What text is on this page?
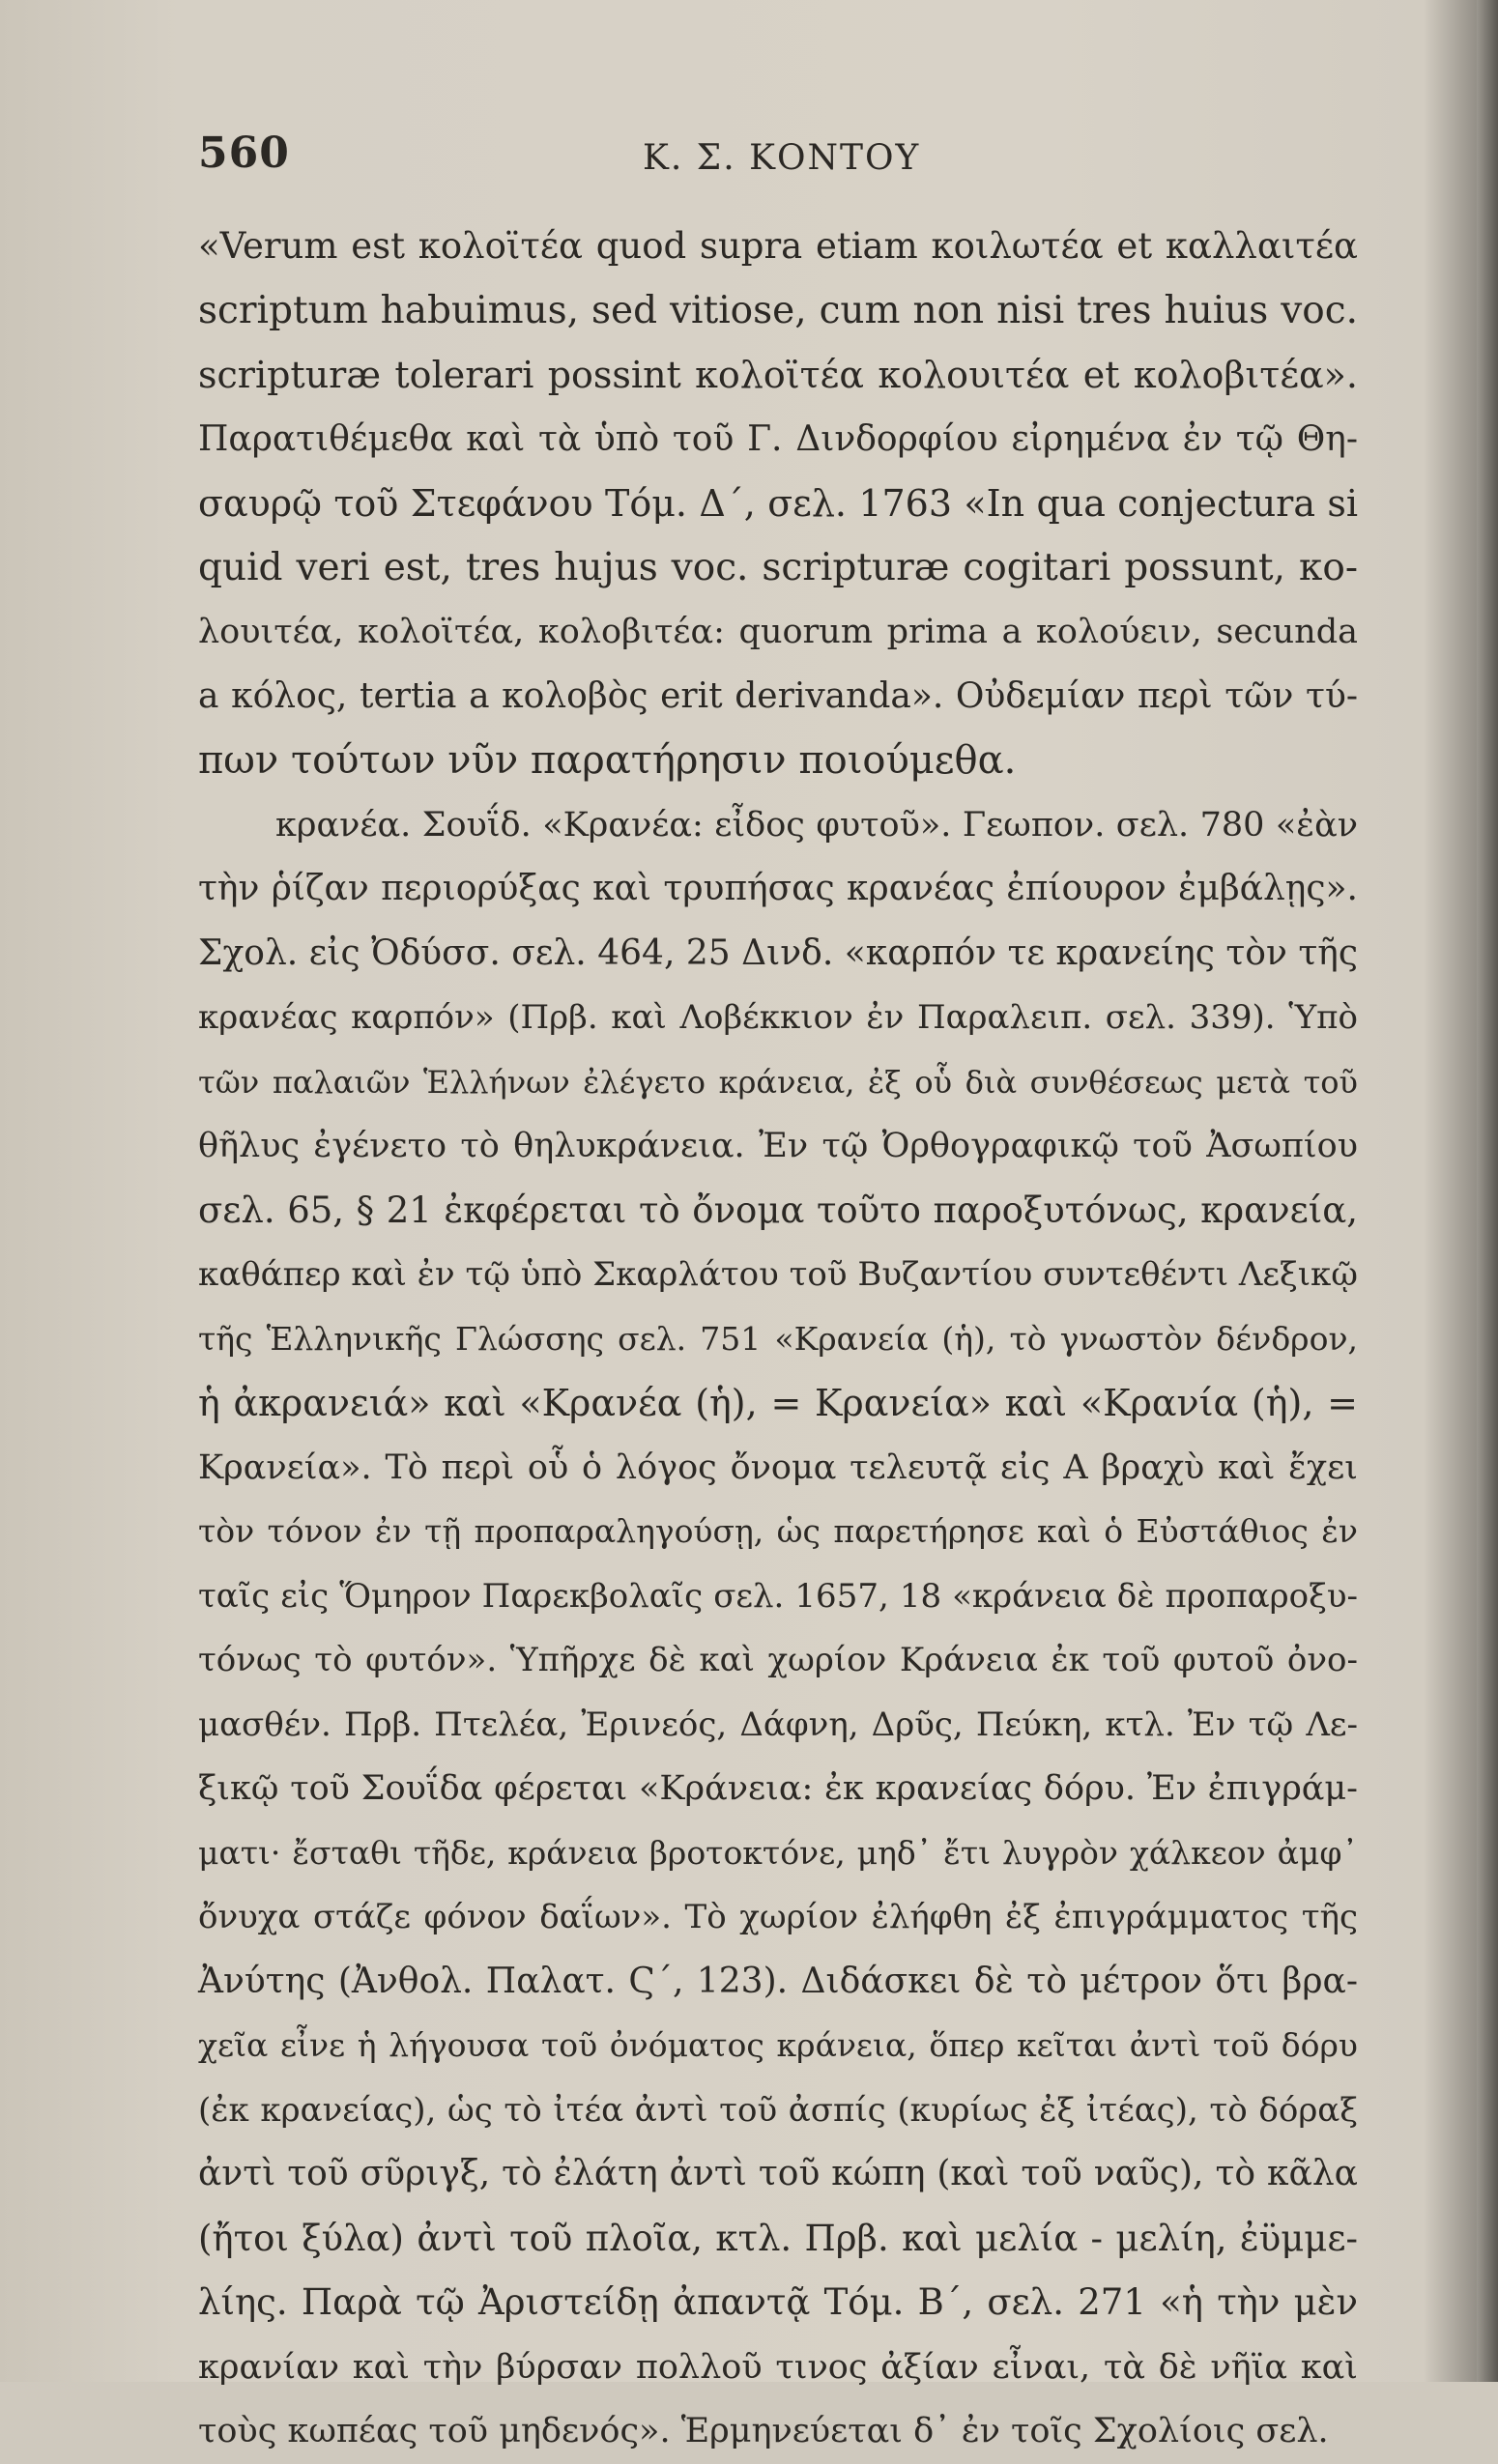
560	Κ. Σ. ΚΟΝΤΟΥ
«Verum est κολοϊτέα quod supra etiam κοιλωτέα et καλλαιτέα
scriptum habuimus, sed vitiose, cum non nisi tres huius voc.
scripturæ tolerari possint κολοϊτέα κολουιτέα et κολοβιτέα».
Παρατιθέμεθα καὶ τὰ ὑπὸ τοῦ Γ. Δινδορφίου εἰρημένα ἐν τῷ Θη-
σαυρῷ τοῦ Στεφάνου Τόμ. Δ΄, σελ. 1763 «In qua conjectura si
quid veri est, tres hujus voc. scripturæ cogitari possunt, κο-
λουιτέα, κολοϊτέα, κολοβιτέα: quorum prima a κολούειν, secunda
a κόλος, tertia a κολοβὸς erit derivanda». Οὐδεμίαν περὶ τῶν τύ-
πων τούτων νῦν παρατήρησιν ποιούμεθα.
κρανέα. Σουΐδ. «Κρανέα: εἶδος φυτοῦ». Γεωπον. σελ. 780 «ἐὰν
τὴν ῥίζαν περιορύξας καὶ τρυπήσας κρανέας ἐπίουρον ἐμβάλῃς».
Σχολ. εἰς Ὀδύσσ. σελ. 464, 25 Δινδ. «καρπόν τε κρανείης τὸν τῆς
κρανέας καρπόν» (Πρβ. καὶ Λοβέκκιον ἐν Παραλειπ. σελ. 339). Ὑπὸ
τῶν παλαιῶν Ἑλλήνων ἐλέγετο κράνεια, ἐξ οὗ διὰ συνθέσεως μετὰ τοῦ
θῆλυς ἐγένετο τὸ θηλυκράνεια. Ἐν τῷ Ὀρθογραφικῷ τοῦ Ἀσωπίου
σελ. 65, § 21 ἐκφέρεται τὸ ὄνομα τοῦτο παροξυτόνως, κρανεία,
καθάπερ καὶ ἐν τῷ ὑπὸ Σκαρλάτου τοῦ Βυζαντίου συντεθέντι Λεξικῷ
τῆς Ἑλληνικῆς Γλώσσης σελ. 751 «Κρανεία (ἡ), τὸ γνωστὸν δένδρον,
ἡ ἀκρανειά» καὶ «Κρανέα (ἡ), = Κρανεία» καὶ «Κρανία (ἡ), =
Κρανεία». Τὸ περὶ οὗ ὁ λόγος ὄνομα τελευτᾷ εἰς Α βραχὺ καὶ ἔχει
τὸν τόνον ἐν τῇ προπαραληγούσῃ, ὡς παρετήρησε καὶ ὁ Εὐστάθιος ἐν
ταῖς εἰς Ὅμηρον Παρεκβολαῖς σελ. 1657, 18 «κράνεια δὲ προπαροξυ-
τόνως τὸ φυτόν». Ὑπῆρχε δὲ καὶ χωρίον Κράνεια ἐκ τοῦ φυτοῦ ὀνο-
μασθέν. Πρβ. Πτελέα, Ἐρινεός, Δάφνη, Δρῦς, Πεύκη, κτλ. Ἐν τῷ Λε-
ξικῷ τοῦ Σουΐδα φέρεται «Κράνεια: ἐκ κρανείας δόρυ. Ἐν ἐπιγράμ-
ματι· ἔσταθι τῆδε, κράνεια βροτοκτόνε, μηδ᾽ ἔτι λυγρὸν χάλκεον ἀμφ᾽
ὄνυχα στάζε φόνον δαΐων». Τὸ χωρίον ἐλήφθη ἐξ ἐπιγράμματος τῆς
Ἀνύτης (Ἀνθολ. Παλατ. Ϛ΄, 123). Διδάσκει δὲ τὸ μέτρον ὅτι βρα-
χεῖα εἶνε ἡ λήγουσα τοῦ ὀνόματος κράνεια, ὅπερ κεῖται ἀντὶ τοῦ δόρυ
(ἐκ κρανείας), ὡς τὸ ἰτέα ἀντὶ τοῦ ἀσπίς (κυρίως ἐξ ἰτέας), τὸ δόραξ
ἀντὶ τοῦ σῦριγξ, τὸ ἐλάτη ἀντὶ τοῦ κώπη (καὶ τοῦ ναῦς), τὸ κᾶλα
(ἤτοι ξύλα) ἀντὶ τοῦ πλοῖα, κτλ. Πρβ. καὶ μελία - μελίη, ἐϋμμε-
λίης. Παρὰ τῷ Ἀριστείδῃ ἀπαντᾷ Τόμ. Β΄, σελ. 271 «ἡ τὴν μὲν
κρανίαν καὶ τὴν βύρσαν πολλοῦ τινος ἀξίαν εἶναι, τὰ δὲ νῆϊα καὶ
τοὺς κωπέας τοῦ μηδενός». Ἑρμηνεύεται δ᾽ ἐν τοῖς Σχολίοις σελ.
